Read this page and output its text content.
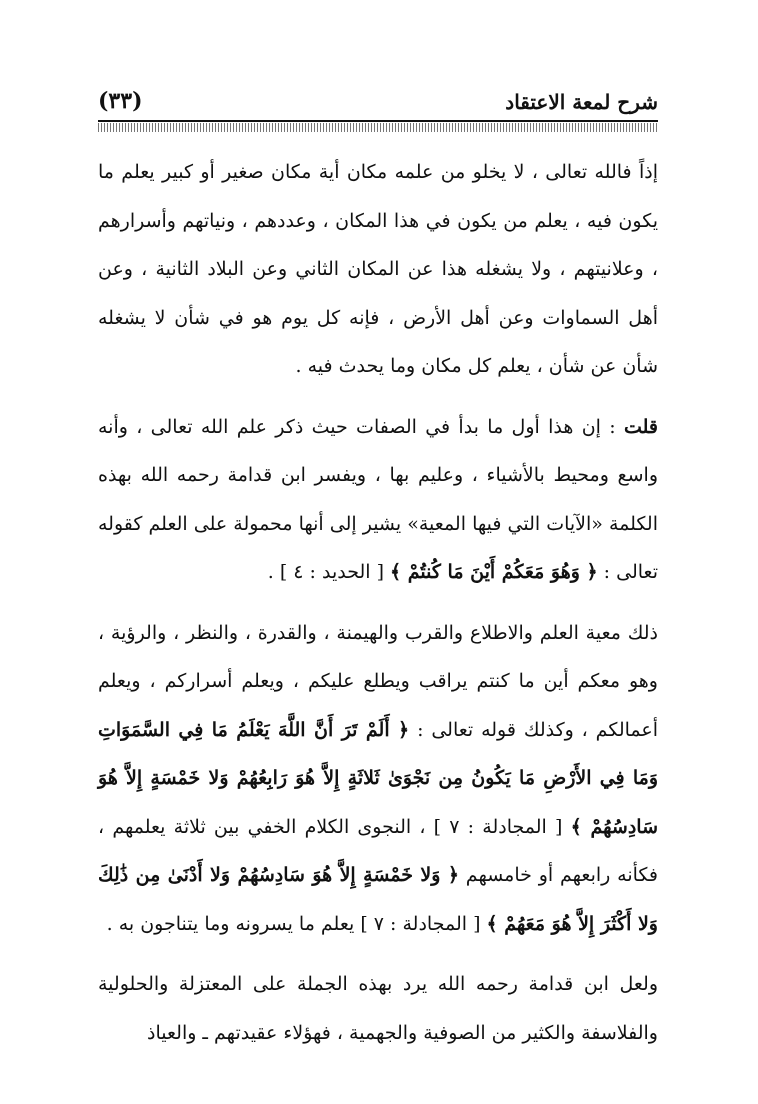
شرح لمعة الاعتقاد
(٣٣)

إذاً فالله تعالى ، لا يخلو من علمه مكان أية مكان صغير أو كبير يعلم ما يكون فيه ، يعلم من يكون في هذا المكان ، وعددهم ، ونياتهم وأسرارهم ، وعلانيتهم ، ولا يشغله هذا عن المكان الثاني وعن البلاد الثانية ، وعن أهل السماوات وعن أهل الأرض ، فإنه كل يوم هو في شأن لا يشغله شأن عن شأن ، يعلم كل مكان وما يحدث فيه .

قلت : إن هذا أول ما بدأ في الصفات حيث ذكر علم الله تعالى ، وأنه واسع ومحيط بالأشياء ، وعليم بها ، ويفسر ابن قدامة رحمه الله بهذه الكلمة «الآيات التي فيها المعية» يشير إلى أنها محمولة على العلم كقوله تعالى : ﴿ وَهُوَ مَعَكُمْ أَيْنَ مَا كُنتُمْ ﴾ [ الحديد : ٤ ] .

ذلك معية العلم والاطلاع والقرب والهيمنة ، والقدرة ، والنظر ، والرؤية ، وهو معكم أين ما كنتم يراقب ويطلع عليكم ، ويعلم أسراركم ، ويعلم أعمالكم ، وكذلك قوله تعالى : ﴿ أَلَمْ تَرَ أَنَّ اللَّهَ يَعْلَمُ مَا فِي السَّمَوَاتِ وَمَا فِي الأَرْضِ مَا يَكُونُ مِن نَجْوَىٰ ثَلاثَةٍ إِلاَّ هُوَ رَابِعُهُمْ وَلا خَمْسَةٍ إِلاَّ هُوَ سَادِسُهُمْ ﴾ [ المجادلة : ٧ ] ، النجوى الكلام الخفي بين ثلاثة يعلمهم ، فكأنه رابعهم أو خامسهم ﴿ وَلا خَمْسَةٍ إِلاَّ هُوَ سَادِسُهُمْ وَلا أَدْنَىٰ مِن ذَٰلِكَ وَلا أَكْثَرَ إِلاَّ هُوَ مَعَهُمْ ﴾ [ المجادلة : ٧ ] يعلم ما يسرونه وما يتناجون به .

ولعل ابن قدامة رحمه الله يرد بهذه الجملة على المعتزلة والحلولية والفلاسفة والكثير من الصوفية والجهمية ، فهؤلاء عقيدتهم ـ والعياذ
